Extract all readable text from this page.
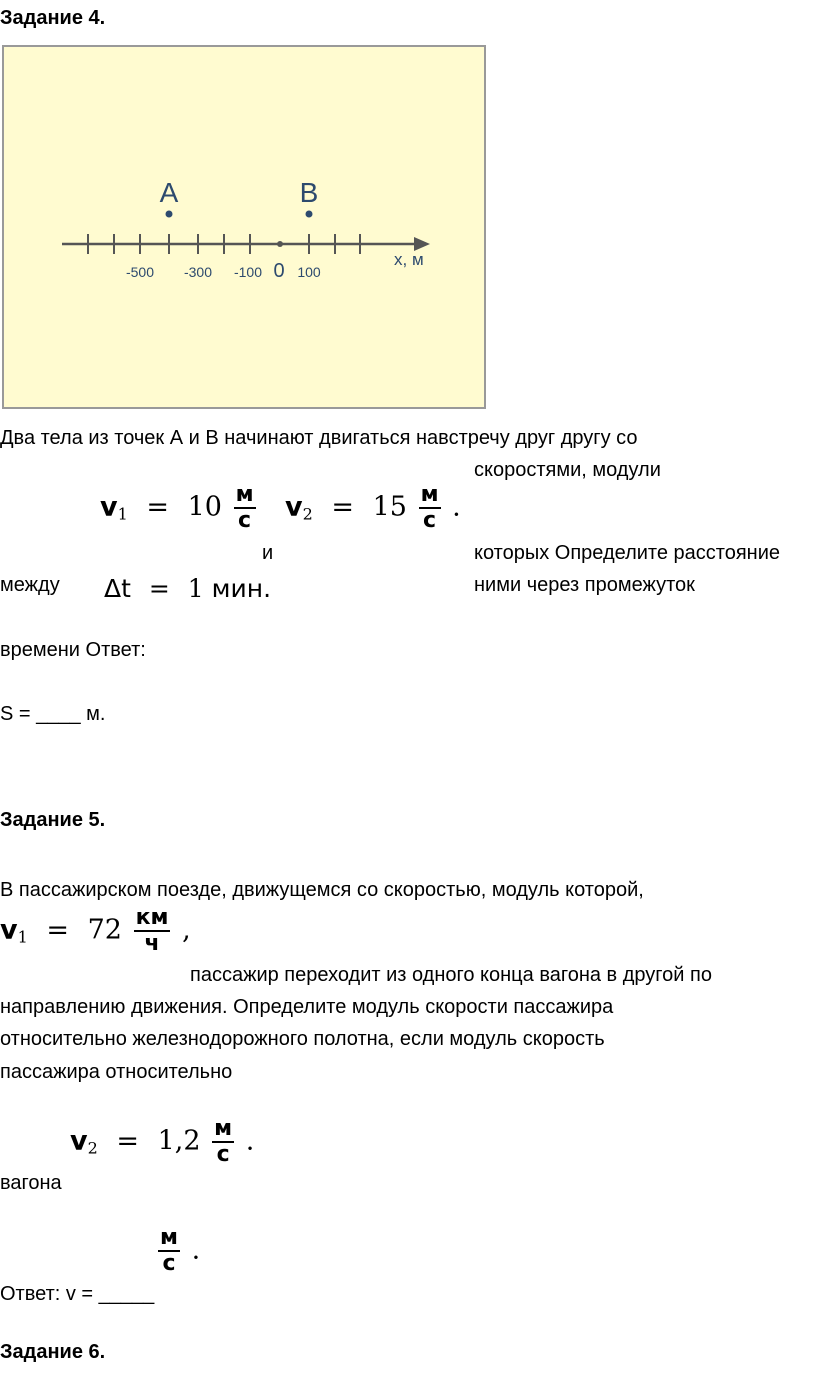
Задание 4.
A	B
-500 -300 -100 0 100
x, м
Два тела из точек А и В начинают двигаться навстречу друг другу со
скоростями, модули
$v_1 = 10 \frac{м}{с}$
и
$v_2 = 15 \frac{м}{с}$ .
которых Определите расстояние
между Δt = 1 мин.	ними через промежуток
времени Ответ:
S = ____ м.
Задание 5.
В пассажирском поезде, движущемся со скоростью, модуль которой,
$v_1 = 72 \frac{км}{ч}$ ,
пассажир переходит из одного конца вагона в другой по
направлению движения. Определите модуль скорости пассажира
относительно железнодорожного полотна, если модуль скорость
пассажира относительно
$v_2 = 1,2 \frac{м}{с}$ .
вагона
Ответ: v = _____
$\frac{м}{с}$ .
Задание 6.
